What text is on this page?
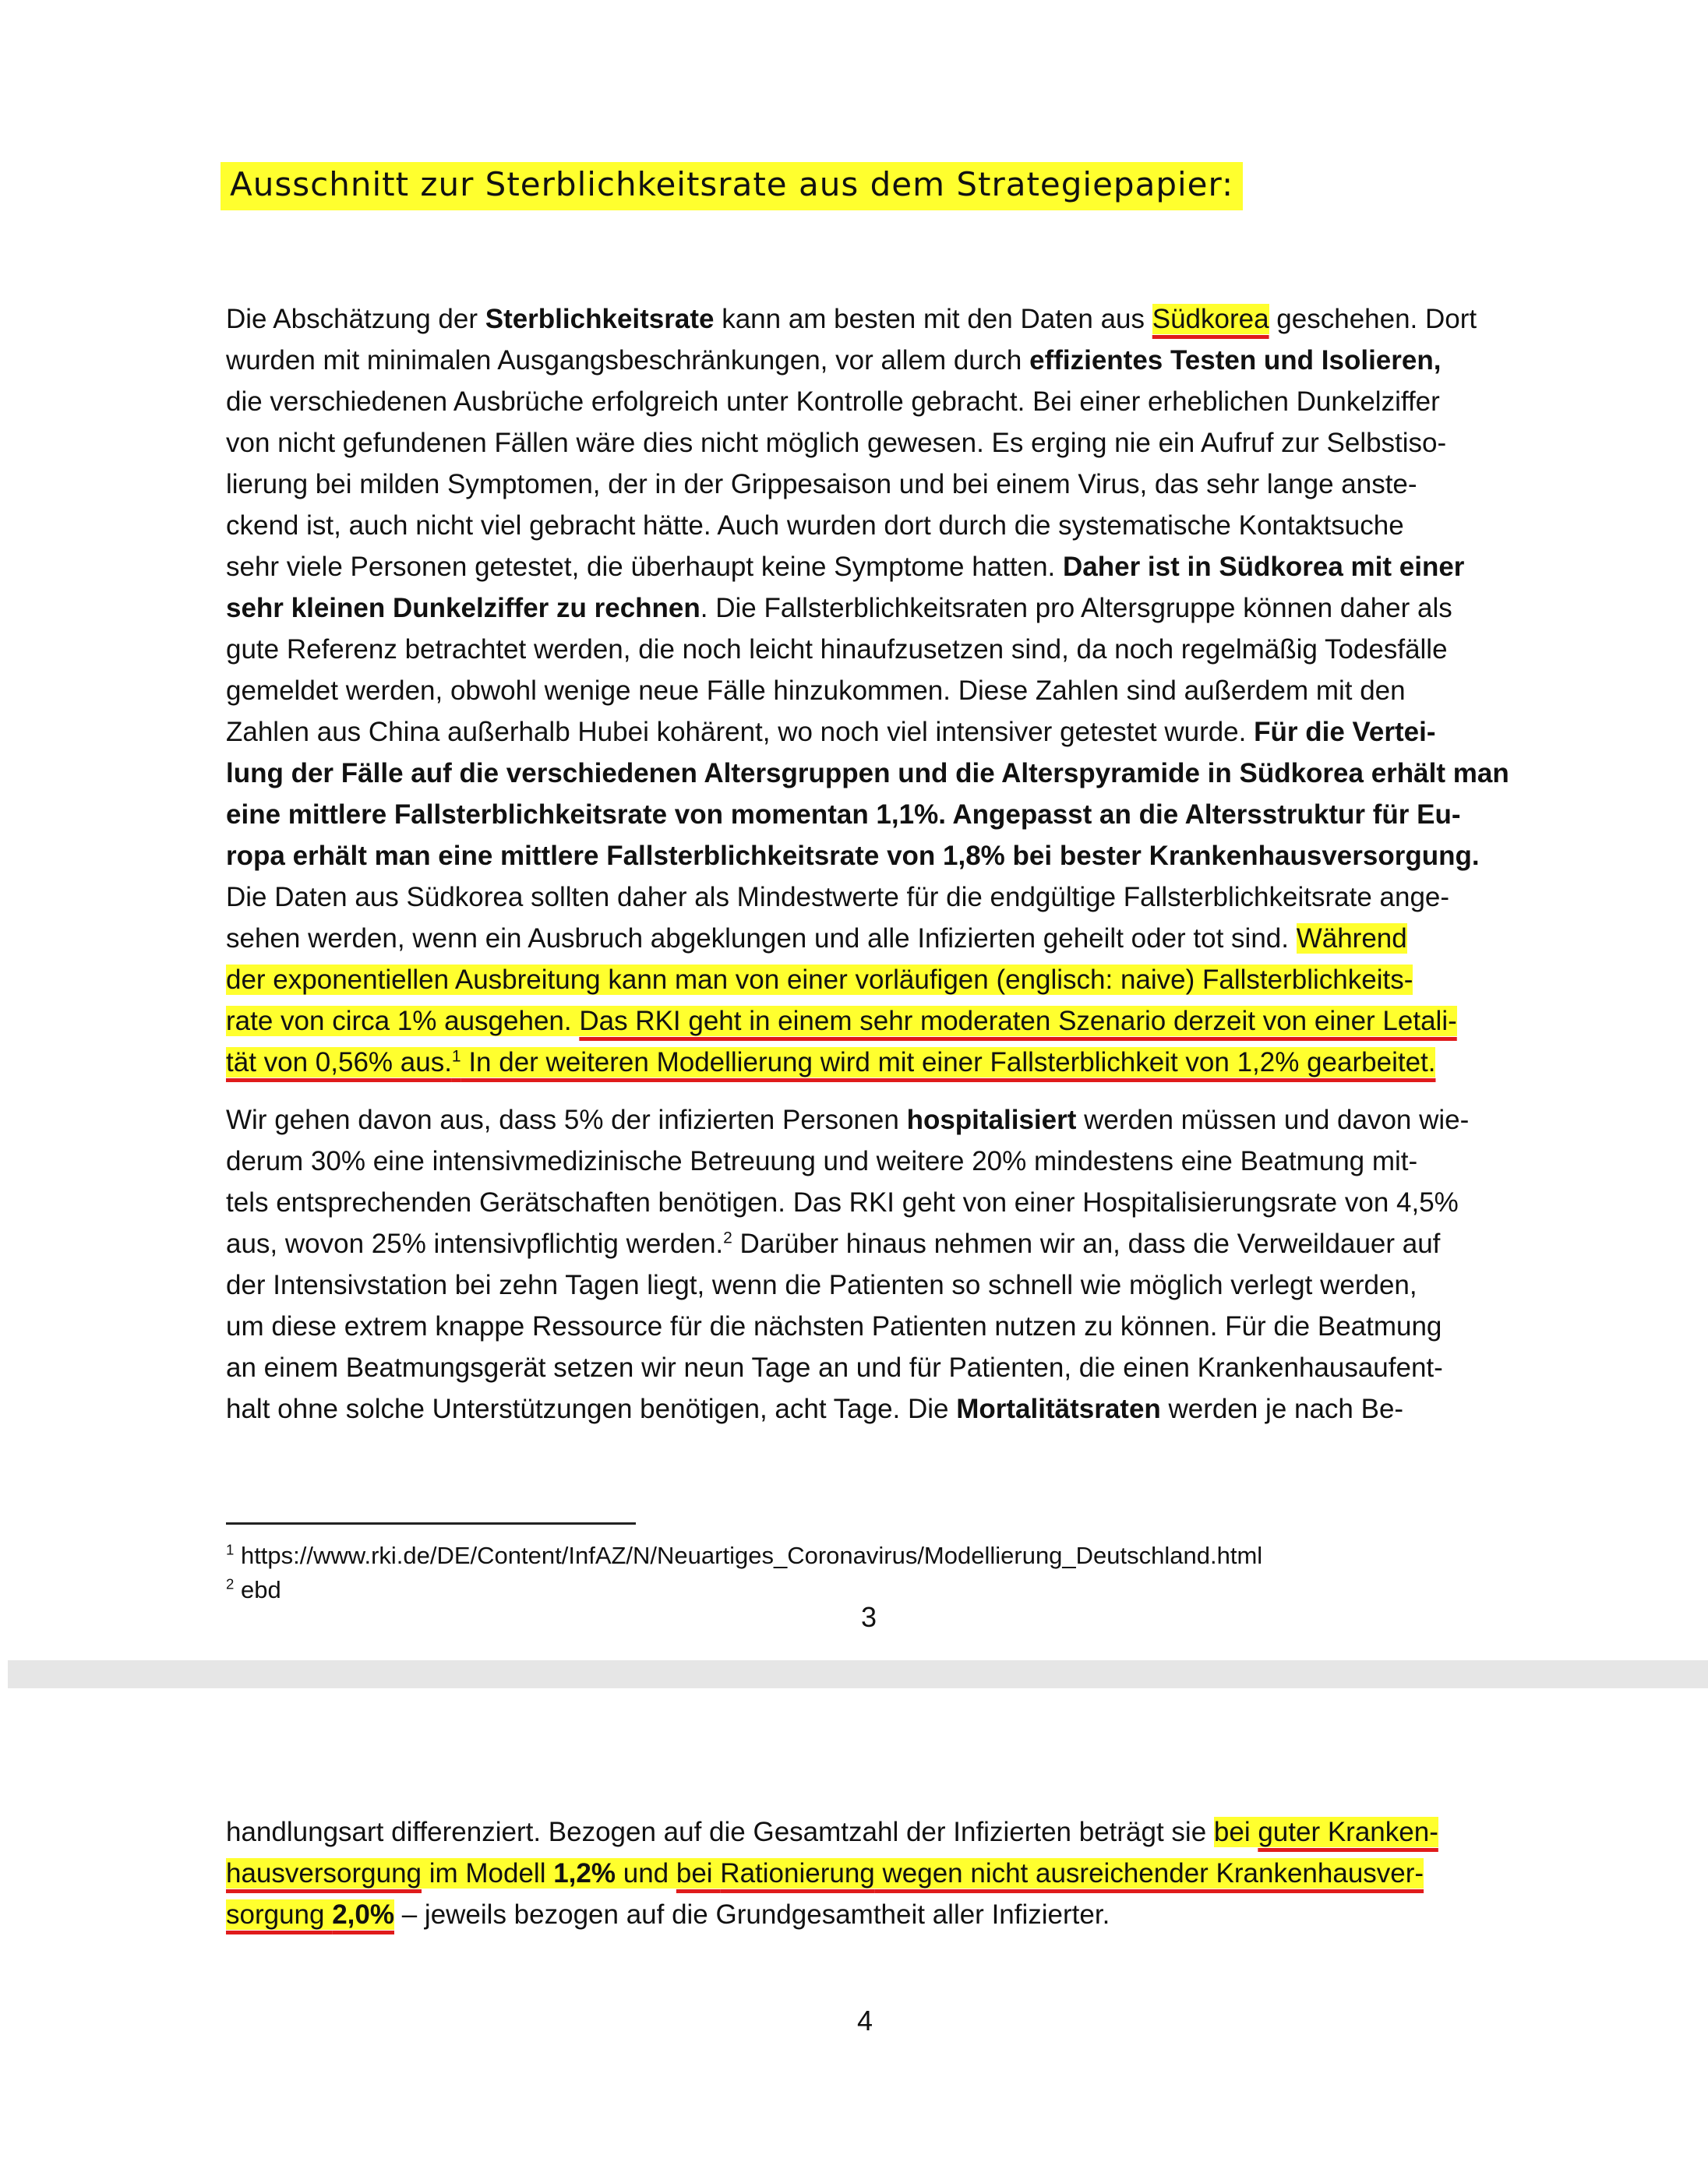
Ausschnitt zur Sterblichkeitsrate aus dem Strategiepapier:
Die Abschätzung der Sterblichkeitsrate kann am besten mit den Daten aus Südkorea geschehen. Dort
wurden mit minimalen Ausgangsbeschränkungen, vor allem durch effizientes Testen und Isolieren,
die verschiedenen Ausbrüche erfolgreich unter Kontrolle gebracht. Bei einer erheblichen Dunkelziffer
von nicht gefundenen Fällen wäre dies nicht möglich gewesen. Es erging nie ein Aufruf zur Selbstiso-
lierung bei milden Symptomen, der in der Grippesaison und bei einem Virus, das sehr lange anste-
ckend ist, auch nicht viel gebracht hätte. Auch wurden dort durch die systematische Kontaktsuche
sehr viele Personen getestet, die überhaupt keine Symptome hatten. Daher ist in Südkorea mit einer
sehr kleinen Dunkelziffer zu rechnen. Die Fallsterblichkeitsraten pro Altersgruppe können daher als
gute Referenz betrachtet werden, die noch leicht hinaufzusetzen sind, da noch regelmäßig Todesfälle
gemeldet werden, obwohl wenige neue Fälle hinzukommen. Diese Zahlen sind außerdem mit den
Zahlen aus China außerhalb Hubei kohärent, wo noch viel intensiver getestet wurde. Für die Vertei-
lung der Fälle auf die verschiedenen Altersgruppen und die Alterspyramide in Südkorea erhält man
eine mittlere Fallsterblichkeitsrate von momentan 1,1%. Angepasst an die Altersstruktur für Eu-
ropa erhält man eine mittlere Fallsterblichkeitsrate von 1,8% bei bester Krankenhausversorgung.
Die Daten aus Südkorea sollten daher als Mindestwerte für die endgültige Fallsterblichkeitsrate ange-
sehen werden, wenn ein Ausbruch abgeklungen und alle Infizierten geheilt oder tot sind. Während
der exponentiellen Ausbreitung kann man von einer vorläufigen (englisch: naive) Fallsterblichkeits-
rate von circa 1% ausgehen. Das RKI geht in einem sehr moderaten Szenario derzeit von einer Letali-
tät von 0,56% aus.$^1$ In der weiteren Modellierung wird mit einer Fallsterblichkeit von 1,2% gearbeitet.
Wir gehen davon aus, dass 5% der infizierten Personen hospitalisiert werden müssen und davon wie-
derum 30% eine intensivmedizinische Betreuung und weitere 20% mindestens eine Beatmung mit-
tels entsprechenden Gerätschaften benötigen. Das RKI geht von einer Hospitalisierungsrate von 4,5%
aus, wovon 25% intensivpflichtig werden.$^2$ Darüber hinaus nehmen wir an, dass die Verweildauer auf
der Intensivstation bei zehn Tagen liegt, wenn die Patienten so schnell wie möglich verlegt werden,
um diese extrem knappe Ressource für die nächsten Patienten nutzen zu können. Für die Beatmung
an einem Beatmungsgerät setzen wir neun Tage an und für Patienten, die einen Krankenhausaufent-
halt ohne solche Unterstützungen benötigen, acht Tage. Die Mortalitätsraten werden je nach Be-
$^1$ https://www.rki.de/DE/Content/InfAZ/N/Neuartiges_Coronavirus/Modellierung_Deutschland.html
$^2$ ebd
3
handlungsart differenziert. Bezogen auf die Gesamtzahl der Infizierten beträgt sie bei guter Kranken-
hausversorgung im Modell 1,2% und bei Rationierung wegen nicht ausreichender Krankenhausver-
sorgung 2,0% – jeweils bezogen auf die Grundgesamtheit aller Infizierter.
4
